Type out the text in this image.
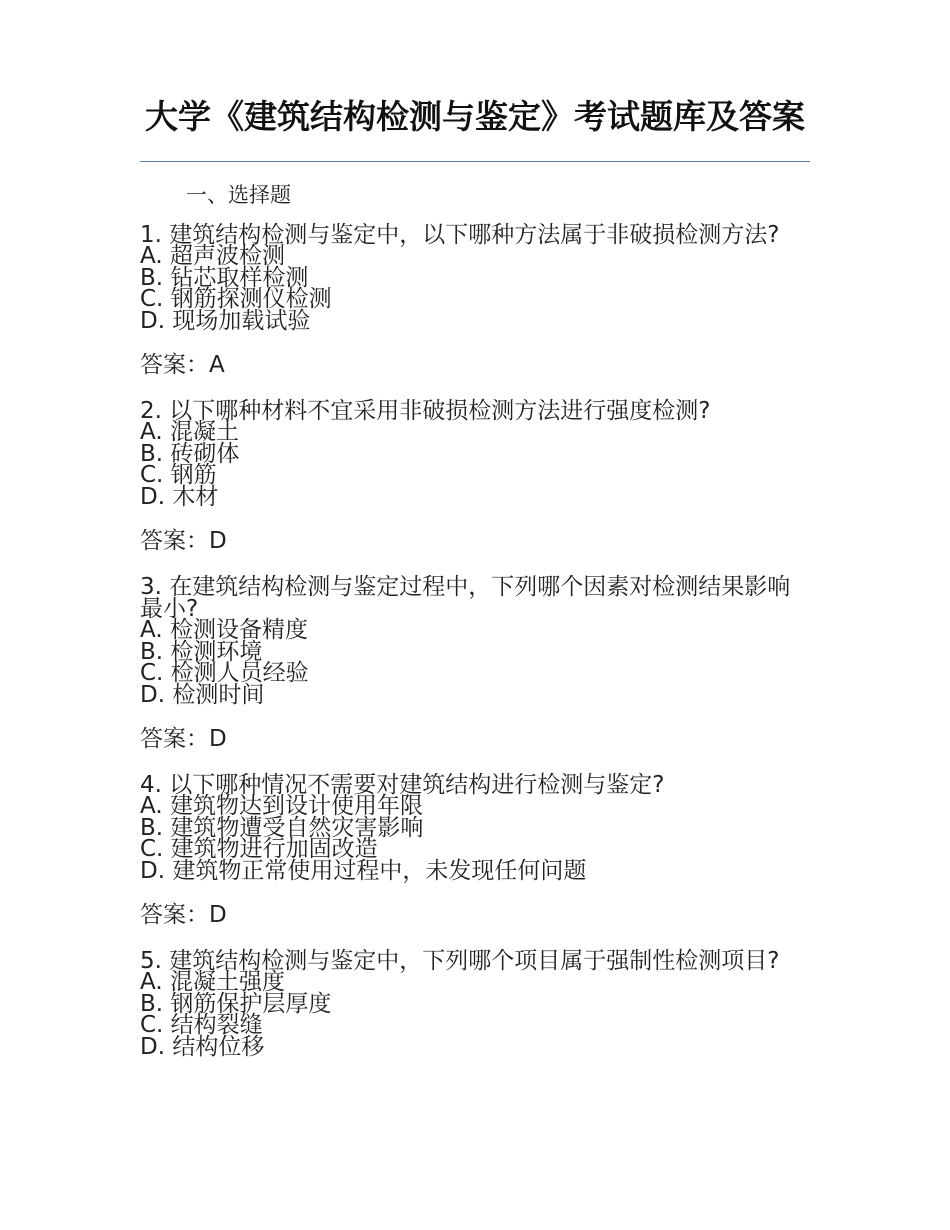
大学《建筑结构检测与鉴定》考试题库及答案

一、选择题

1. 建筑结构检测与鉴定中，以下哪种方法属于非破损检测方法?

A. 超声波检测
B. 钻芯取样检测
C. 钢筋探测仪检测
D. 现场加载试验

答案：A

2. 以下哪种材料不宜采用非破损检测方法进行强度检测?

A. 混凝土
B. 砖砌体
C. 钢筋
D. 木材

答案：D

3. 在建筑结构检测与鉴定过程中，下列哪个因素对检测结果影响最小?

A. 检测设备精度
B. 检测环境
C. 检测人员经验
D. 检测时间

答案：D

4. 以下哪种情况不需要对建筑结构进行检测与鉴定?

A. 建筑物达到设计使用年限
B. 建筑物遭受自然灾害影响
C. 建筑物进行加固改造
D. 建筑物正常使用过程中，未发现任何问题

答案：D

5. 建筑结构检测与鉴定中，下列哪个项目属于强制性检测项目?

A. 混凝土强度
B. 钢筋保护层厚度
C. 结构裂缝
D. 结构位移
